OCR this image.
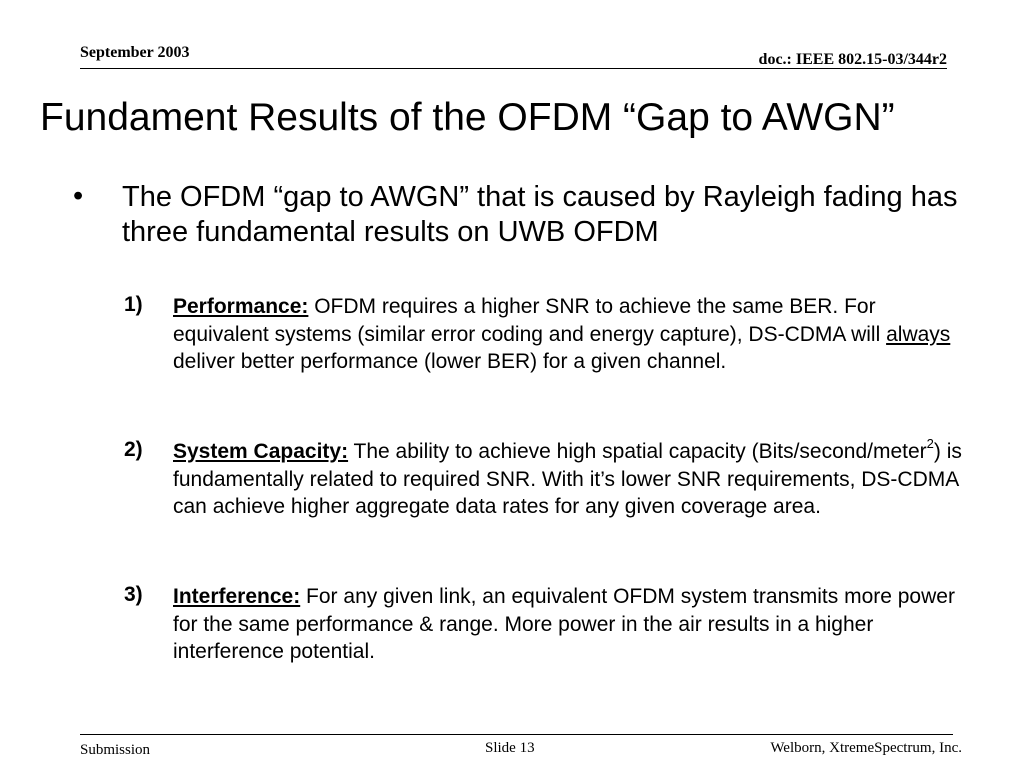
September 2003	doc.: IEEE 802.15-03/344r2
Fundament Results of the OFDM “Gap to AWGN”
• The OFDM “gap to AWGN” that is caused by Rayleigh fading has three fundamental results on UWB OFDM
1) Performance: OFDM requires a higher SNR to achieve the same BER. For equivalent systems (similar error coding and energy capture), DS-CDMA will always deliver better performance (lower BER) for a given channel.
2) System Capacity: The ability to achieve high spatial capacity (Bits/second/meter$^2$) is fundamentally related to required SNR. With it’s lower SNR requirements, DS-CDMA can achieve higher aggregate data rates for any given coverage area.
3) Interference: For any given link, an equivalent OFDM system transmits more power for the same performance & range. More power in the air results in a higher interference potential.
Submission	Slide 13	Welborn, XtremeSpectrum, Inc.
